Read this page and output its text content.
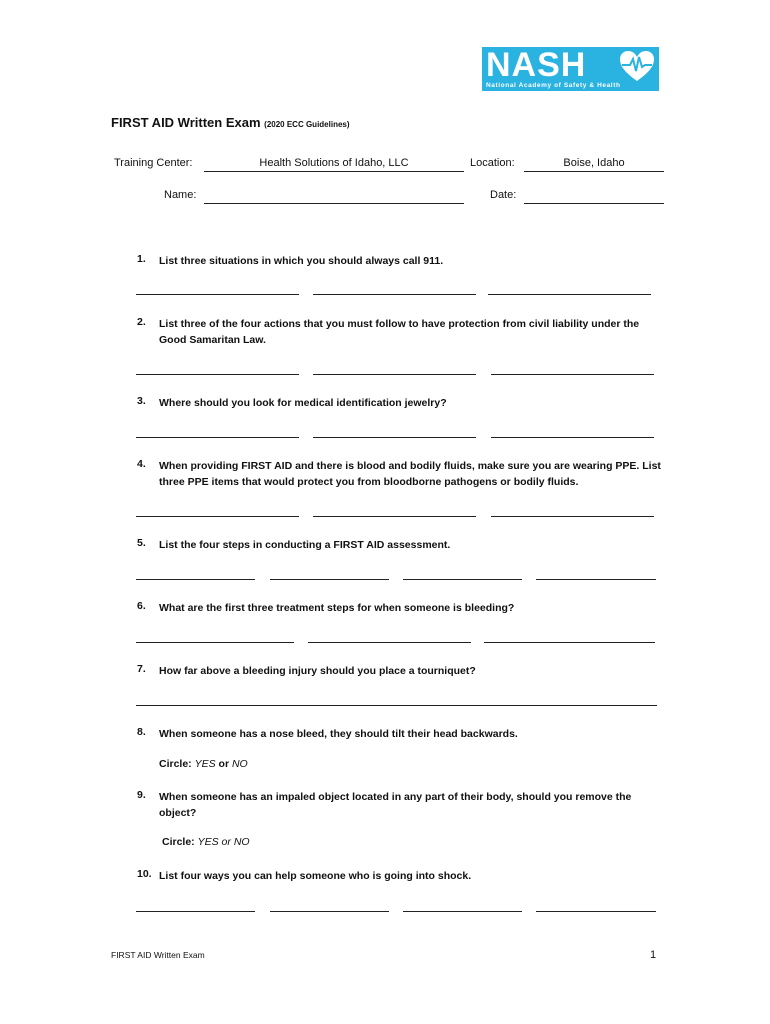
NASH
National Academy of Safety & Health
FIRST AID Written Exam (2020 ECC Guidelines)
Training Center:	Health Solutions of Idaho, LLC	Location:	Boise, Idaho
Name:	Date:
1. List three situations in which you should always call 911.
2. List three of the four actions that you must follow to have protection from civil liability under the Good Samaritan Law.
3. Where should you look for medical identification jewelry?
4. When providing FIRST AID and there is blood and bodily fluids, make sure you are wearing PPE. List three PPE items that would protect you from bloodborne pathogens or bodily fluids.
5. List the four steps in conducting a FIRST AID assessment.
6. What are the first three treatment steps for when someone is bleeding?
7. How far above a bleeding injury should you place a tourniquet?
8. When someone has a nose bleed, they should tilt their head backwards.
Circle: YES or NO
9. When someone has an impaled object located in any part of their body, should you remove the object?
Circle: YES or NO
10. List four ways you can help someone who is going into shock.
FIRST AID Written Exam	1
